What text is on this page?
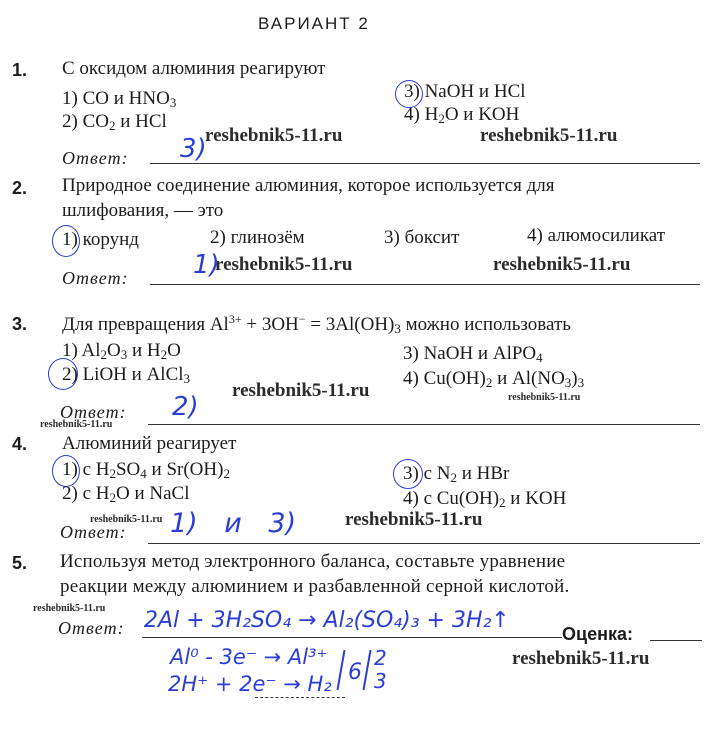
ВАРИАНТ 2
1. С оксидом алюминия реагируют
1) CO и $HNO_3$
2) $CO_2$ и HCl
3) NaOH и HCl
4) $H_2O$ и KOH
reshebnik5-11.ru	reshebnik5-11.ru
Ответ: 3)
2. Природное соединение алюминия, которое используется для
шлифования, — это
1) корунд	2) глинозём	3) боксит	4) алюмосиликат
reshebnik5-11.ru	reshebnik5-11.ru
Ответ: 1)
3. Для превращения $Al^{3+} + 3OH^- = 3Al(OH)_3$ можно использовать
1) $Al_2O_3$ и $H_2O$
2) LiOH и AlCl$_3$
3) NaOH и AlPO$_4$
4) $Cu(OH)_2$ и $Al(NO_3)_3$
reshebnik5-11.ru	reshebnik5-11.ru
Ответ: 2)
reshebnik5-11.ru
4. Алюминий реагирует
1) с $H_2SO_4$ и $Sr(OH)_2$
2) с $H_2O$ и NaCl
3) с $N_2$ и HBr
4) с $Cu(OH)_2$ и KOH
reshebnik5-11.ru	reshebnik5-11.ru
Ответ: 1) и 3)
5. Используя метод электронного баланса, составьте уравнение
реакции между алюминием и разбавленной серной кислотой.
reshebnik5-11.ru
Ответ: 2Al + 3H₂SO₄ → Al₂(SO₄)₃ + 3H₂↑
Оценка:
reshebnik5-11.ru
Al⁰ - 3e⁻ → Al³⁺
2H⁺ + 2e⁻ → H₂ 6
2
3
